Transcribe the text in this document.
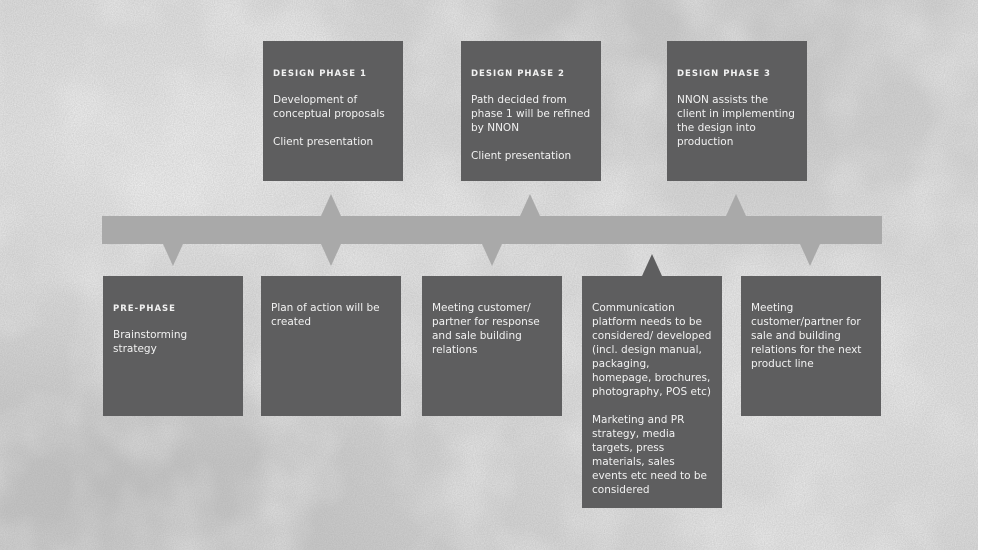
DESIGN PHASE 1

Development of conceptual proposals

Client presentation

DESIGN PHASE 2

Path decided from phase 1 will be refined by NNON

Client presentation

DESIGN PHASE 3

NNON assists the client in implementing the design into production

PRE-PHASE

Brainstorming strategy

Plan of action will be created

Meeting customer/ partner for response and sale building relations

Communication platform needs to be considered/ developed (incl. design manual, packaging, homepage, brochures, photography, POS etc)

Marketing and PR strategy, media targets, press materials, sales events etc need to be considered

Meeting customer/partner for sale and building relations for the next product line
